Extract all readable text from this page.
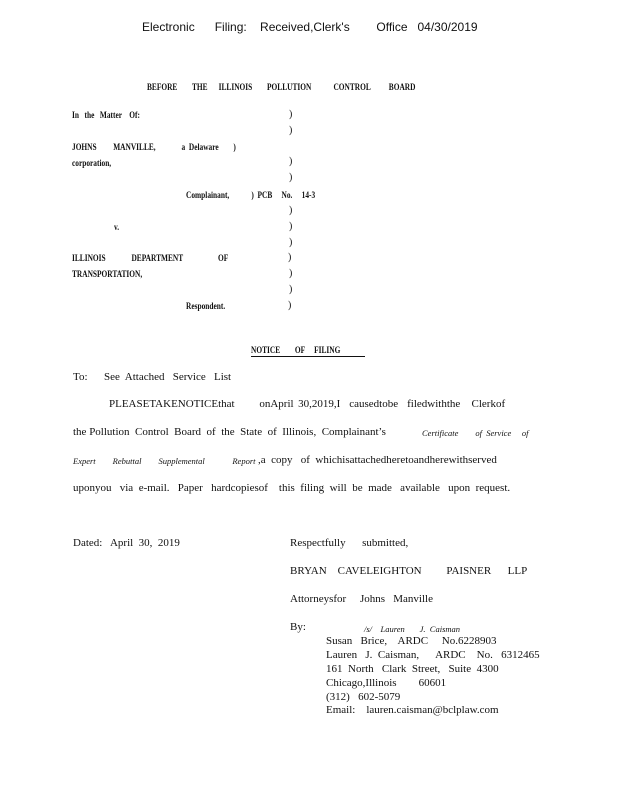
Electronic      Filing:    Received,Clerk's        Office   04/30/2019
BEFORE        THE      ILLINOIS        POLLUTION            CONTROL          BOARD
In   the   Matter    Of:	)
)
JOHNS         MANVILLE,              a  Delaware        )
corporation,	)
)
Complainant,            )  PCB     No.     14-3
)
v.	)
)
ILLINOIS              DEPARTMENT                   OF	)
TRANSPORTATION,	)
)
Respondent.	)
NOTICE        OF     FILING
To:      See  Attached   Service   List
PLEASETAKENOTICEthat           onApril  30,2019,I    causedtobe    filedwiththe     Clerkof
the Pollution  Control  Board  of  the  State  of  Illinois,  Complainant’s	Certificate        of  Service     of
Expert        Rebuttal        Supplemental             Report ,a  copy   of  whichisattachedheretoandherewithserved
uponyou   via  e-mail.   Paper   hardcopiesof    this  filing  will  be  made   available   upon  request.
Dated:   April  30,  2019	Respectfully      submitted,
BRYAN    CAVELEIGHTON         PAISNER      LLP
Attorneysfor     Johns   Manville
By:	/s/    Lauren       J.  Caisman
Susan   Brice,    ARDC     No.6228903
Lauren   J.  Caisman,      ARDC    No.   6312465
161  North   Clark  Street,   Suite  4300
Chicago,Illinois        60601
(312)   602-5079
Email:    lauren.caisman@bclplaw.com
